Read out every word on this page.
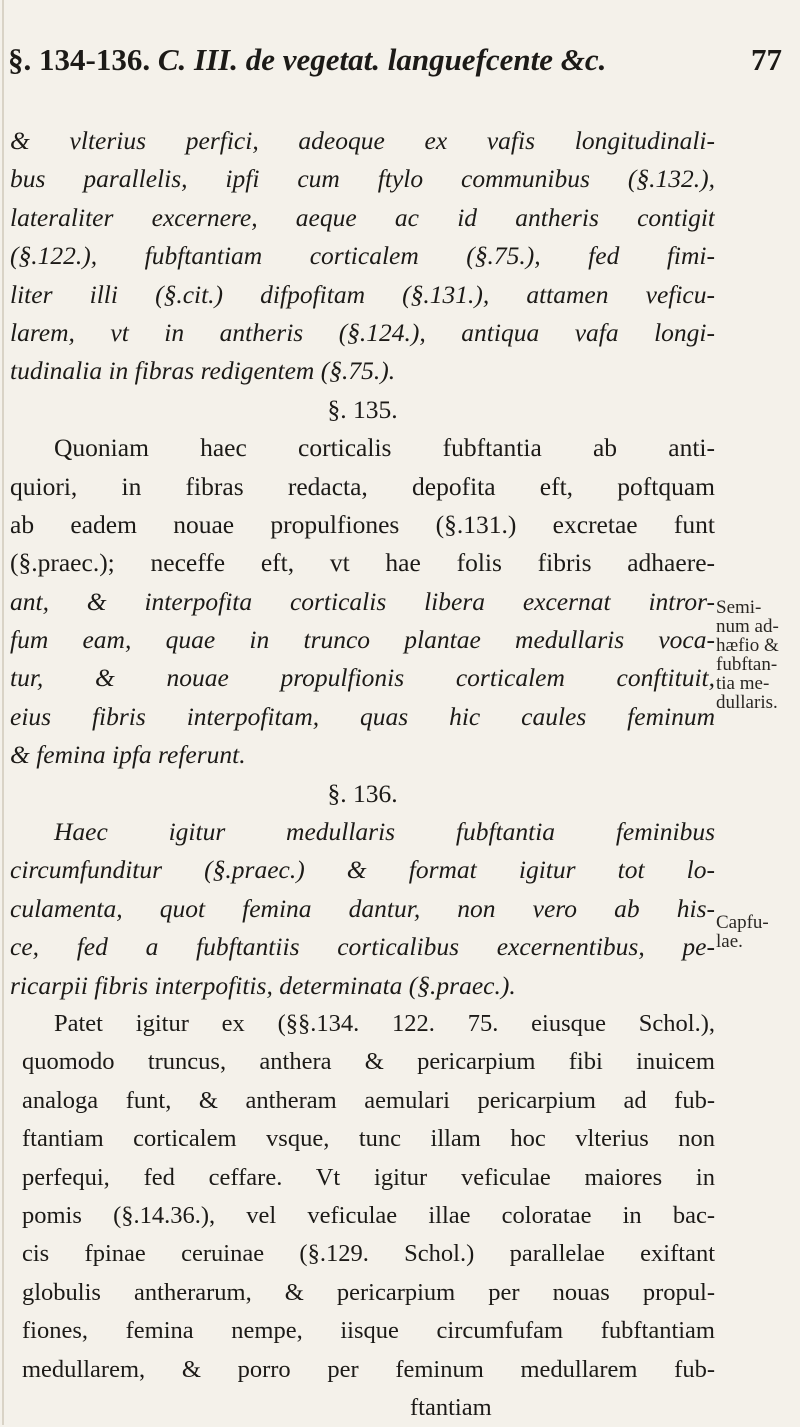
§. 134-136. C. III. de vegetat. languefcente &c.	77
& vlterius perfici, adeoque ex vafis longitudinali-
bus parallelis, ipfi cum ftylo communibus (§.132.),
lateraliter excernere, aeque ac id antheris contigit
(§.122.), fubftantiam corticalem (§.75.), fed fimi-
liter illi (§.cit.) difpofitam (§.131.), attamen veficu-
larem, vt in antheris (§.124.), antiqua vafa longi-
tudinalia in fibras redigentem (§.75.).
§. 135.
Quoniam haec corticalis fubftantia ab anti-
quiori, in fibras redacta, depofita eft, poftquam
ab eadem nouae propulfiones (§.131.) excretae funt
(§.praec.); neceffe eft, vt hae folis fibris adhaere-
ant, & interpofita corticalis libera excernat intror-
fum eam, quae in trunco plantae medullaris voca-
tur, & nouae propulfionis corticalem conftituit,
eius fibris interpofitam, quas hic caules feminum
& femina ipfa referunt.
§. 136.
Haec igitur medullaris fubftantia feminibus
circumfunditur (§.praec.) & format igitur tot lo-
culamenta, quot femina dantur, non vero ab his-
ce, fed a fubftantiis corticalibus excernentibus, pe-
ricarpii fibris interpofitis, determinata (§.praec.).
Patet igitur ex (§§.134. 122. 75. eiusque Schol.),
quomodo truncus, anthera & pericarpium fibi inuicem
analoga funt, & antheram aemulari pericarpium ad fub-
ftantiam corticalem vsque, tunc illam hoc vlterius non
perfequi, fed ceffare. Vt igitur veficulae maiores in
pomis (§.14.36.), vel veficulae illae coloratae in bac-
cis fpinae ceruinae (§.129. Schol.) parallelae exiftant
globulis antherarum, & pericarpium per nouas propul-
fiones, femina nempe, iisque circumfufam fubftantiam
medullarem, & porro per feminum medullarem fub-
ftantiam
Semi-
num ad-
hæfio &
fubftan-
tia me-
dullaris.
Capfu-
lae.
